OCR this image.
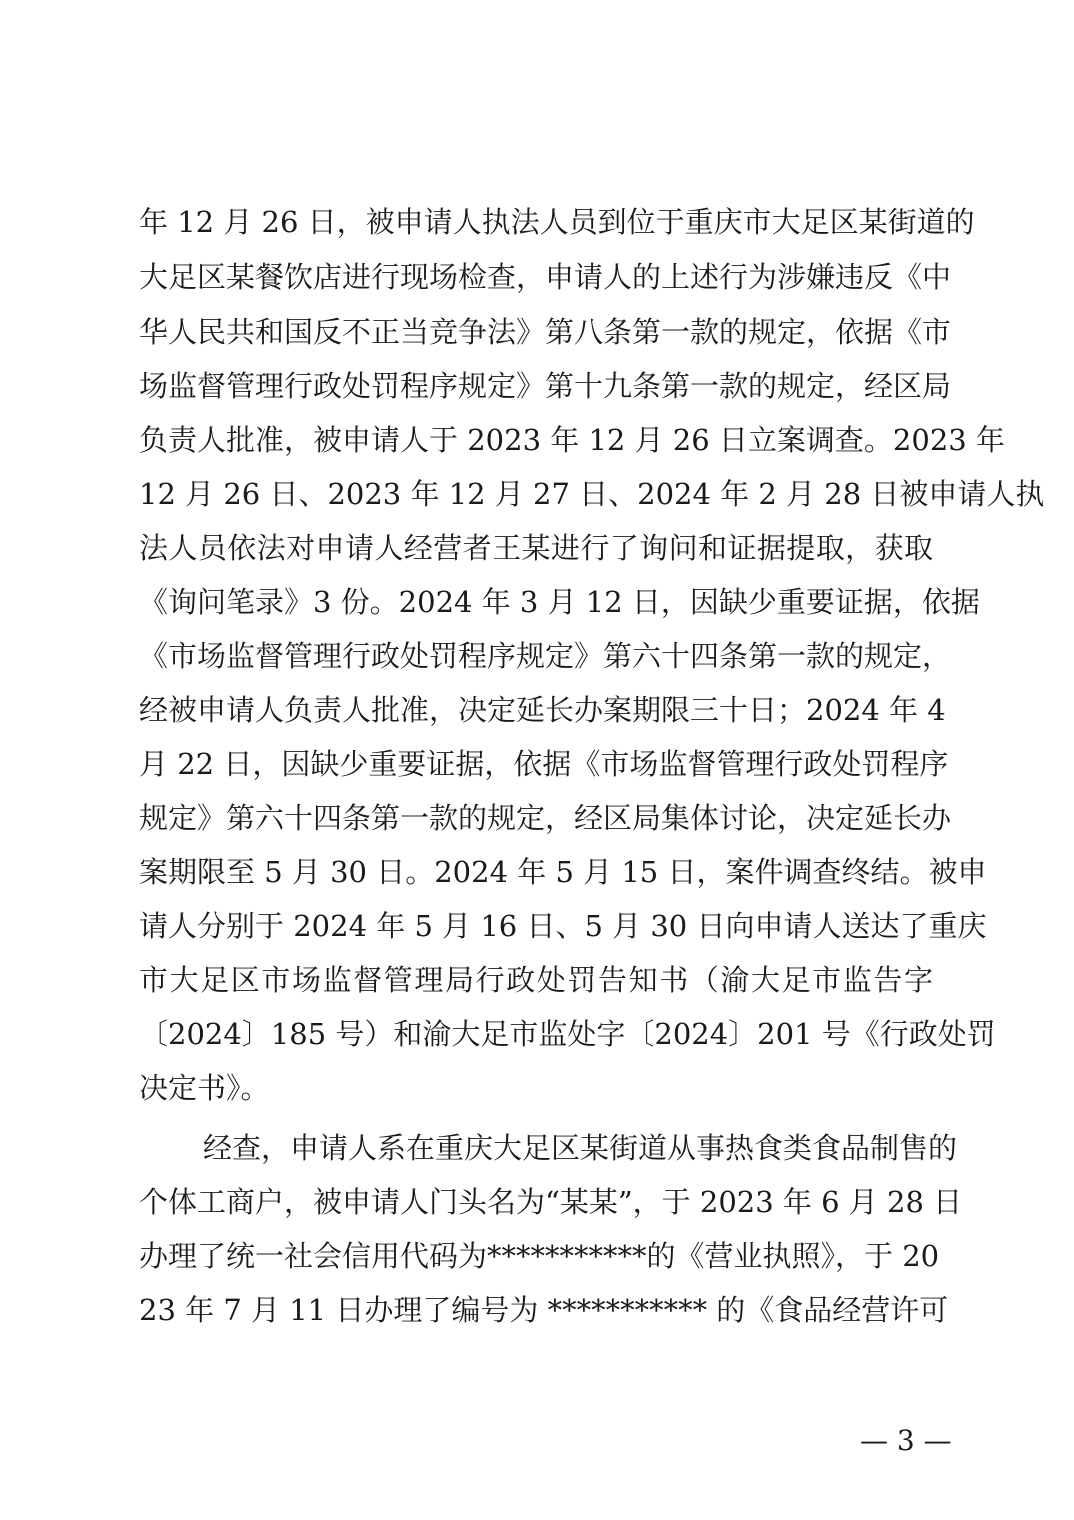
年 12 月 26 日，被申请人执法人员到位于重庆市大足区某街道的
大足区某餐饮店进行现场检查，申请人的上述行为涉嫌违反《中
华人民共和国反不正当竞争法》第八条第一款的规定，依据《市
场监督管理行政处罚程序规定》第十九条第一款的规定，经区局
负责人批准，被申请人于 2023 年 12 月 26 日立案调查。2023 年
12 月 26 日、2023 年 12 月 27 日、2024 年 2 月 28 日被申请人执
法人员依法对申请人经营者王某进行了询问和证据提取，获取
《询问笔录》3 份。2024 年 3 月 12 日，因缺少重要证据，依据
《市场监督管理行政处罚程序规定》第六十四条第一款的规定，
经被申请人负责人批准，决定延长办案期限三十日；2024 年 4
月 22 日，因缺少重要证据，依据《市场监督管理行政处罚程序
规定》第六十四条第一款的规定，经区局集体讨论，决定延长办
案期限至 5 月 30 日。2024 年 5 月 15 日，案件调查终结。被申
请人分别于 2024 年 5 月 16 日、5 月 30 日向申请人送达了重庆
市大足区市场监督管理局行政处罚告知书（渝大足市监告字
〔2024〕185 号）和渝大足市监处字〔2024〕201 号《行政处罚
决定书》。
经查，申请人系在重庆大足区某街道从事热食类食品制售的
个体工商户，被申请人门头名为“某某”，于 2023 年 6 月 28 日
办理了统一社会信用代码为***********的《营业执照》，于 20
23 年 7 月 11 日办理了编号为 *********** 的《食品经营许可
— 3 —
